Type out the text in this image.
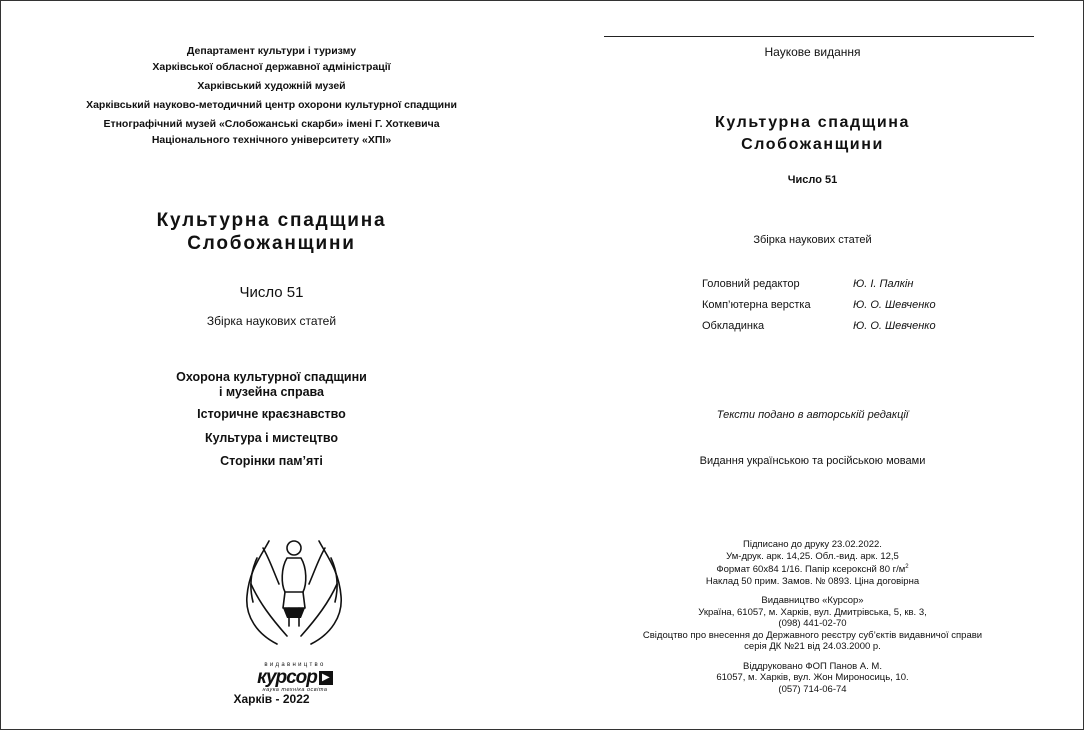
Департамент культури і туризму
Харківської обласної державної адміністрації
Харківський художній музей
Харківський науково-методичний центр охорони культурної спадщини
Етнографічний музей «Слобожанські скарби» імені Г. Хоткевича
Національного технічного університету «ХПІ»
Культурна спадщина
Слобожанщини
Число 51
Збірка наукових статей
Охорона культурної спадщини
і музейна справа
Історичне краєзнавство
Культура і мистецтво
Сторінки пам’яті
видавництво
курсор ▶
наука техніка освіта
Харків - 2022
Наукове видання
Культурна спадщина
Слобожанщини
Число 51
Збірка наукових статей
Головний редактор	Ю. І. Палкін
Комп’ютерна верстка	Ю. О. Шевченко
Обкладинка	Ю. О. Шевченко
Тексти подано в авторській редакції
Видання українською та російською мовами
Підписано до друку 23.02.2022.
Ум-друк. арк. 14,25. Обл.-вид. арк. 12,5
Формат 60х84 1/16. Папір ксерокснй 80 $г/м^2$
Наклад 50 прим. Замов. № 0893. Ціна договірна
Видавництво «Курсор»
Україна, 61057, м. Харків, вул. Дмитрівська, 5, кв. 3,
(098) 441-02-70
Свідоцтво про внесення до Державного реєстру суб’єктів видавничої справи
серія ДК №21 від 24.03.2000 р.
Віддруковано ФОП Панов А. М.
61057, м. Харків, вул. Жон Мироносиць, 10.
(057) 714-06-74
